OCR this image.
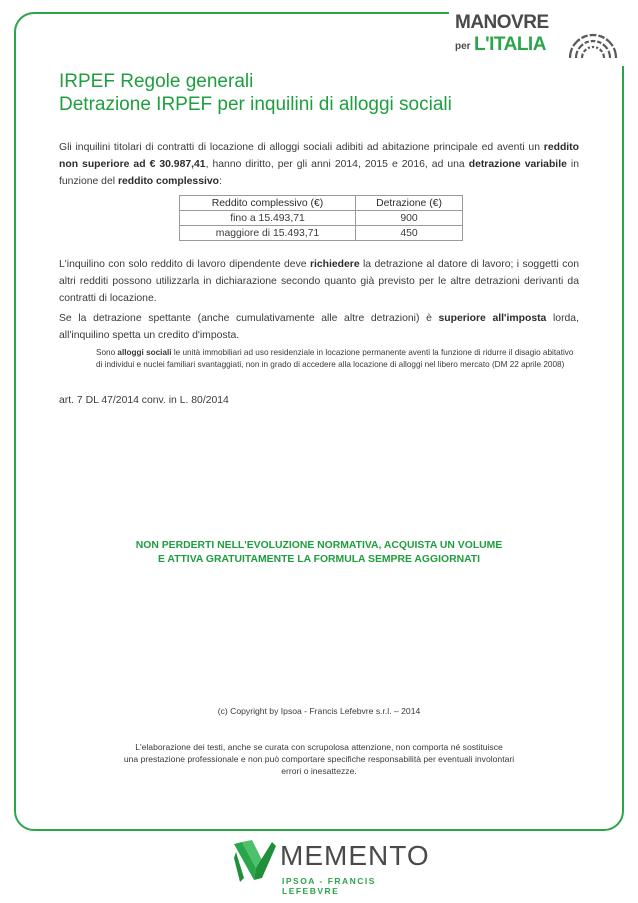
MANOVRE
per L'ITALIA
IRPEF Regole generali
Detrazione IRPEF per inquilini di alloggi sociali
Gli inquilini titolari di contratti di locazione di alloggi sociali adibiti ad abitazione principale ed aventi un reddito non superiore ad € 30.987,41, hanno diritto, per gli anni 2014, 2015 e 2016, ad una detrazione variabile in funzione del reddito complessivo:
Reddito complessivo (€)	Detrazione (€)
fino a 15.493,71	900
maggiore di 15.493,71	450
L'inquilino con solo reddito di lavoro dipendente deve richiedere la detrazione al datore di lavoro; i soggetti con altri redditi possono utilizzarla in dichiarazione secondo quanto già previsto per le altre detrazioni derivanti da contratti di locazione.
Se la detrazione spettante (anche cumulativamente alle altre detrazioni) è superiore all'imposta lorda, all'inquilino spetta un credito d'imposta.
Sono alloggi sociali le unità immobiliari ad uso residenziale in locazione permanente aventi la funzione di ridurre il disagio abitativo di individui e nuclei familiari svantaggiati, non in grado di accedere alla locazione di alloggi nel libero mercato (DM 22 aprile 2008)
art. 7 DL 47/2014 conv. in L. 80/2014
NON PERDERTI NELL'EVOLUZIONE NORMATIVA, ACQUISTA UN VOLUME
E ATTIVA GRATUITAMENTE LA FORMULA SEMPRE AGGIORNATI
(c) Copyright by Ipsoa - Francis Lefebvre s.r.l. – 2014
L'elaborazione dei testi, anche se curata con scrupolosa attenzione, non comporta né sostituisce
una prestazione professionale e non può comportare specifiche responsabilità per eventuali involontari
errori o inesattezze.
MEMENTO
IPSOA - FRANCIS LEFEBVRE
